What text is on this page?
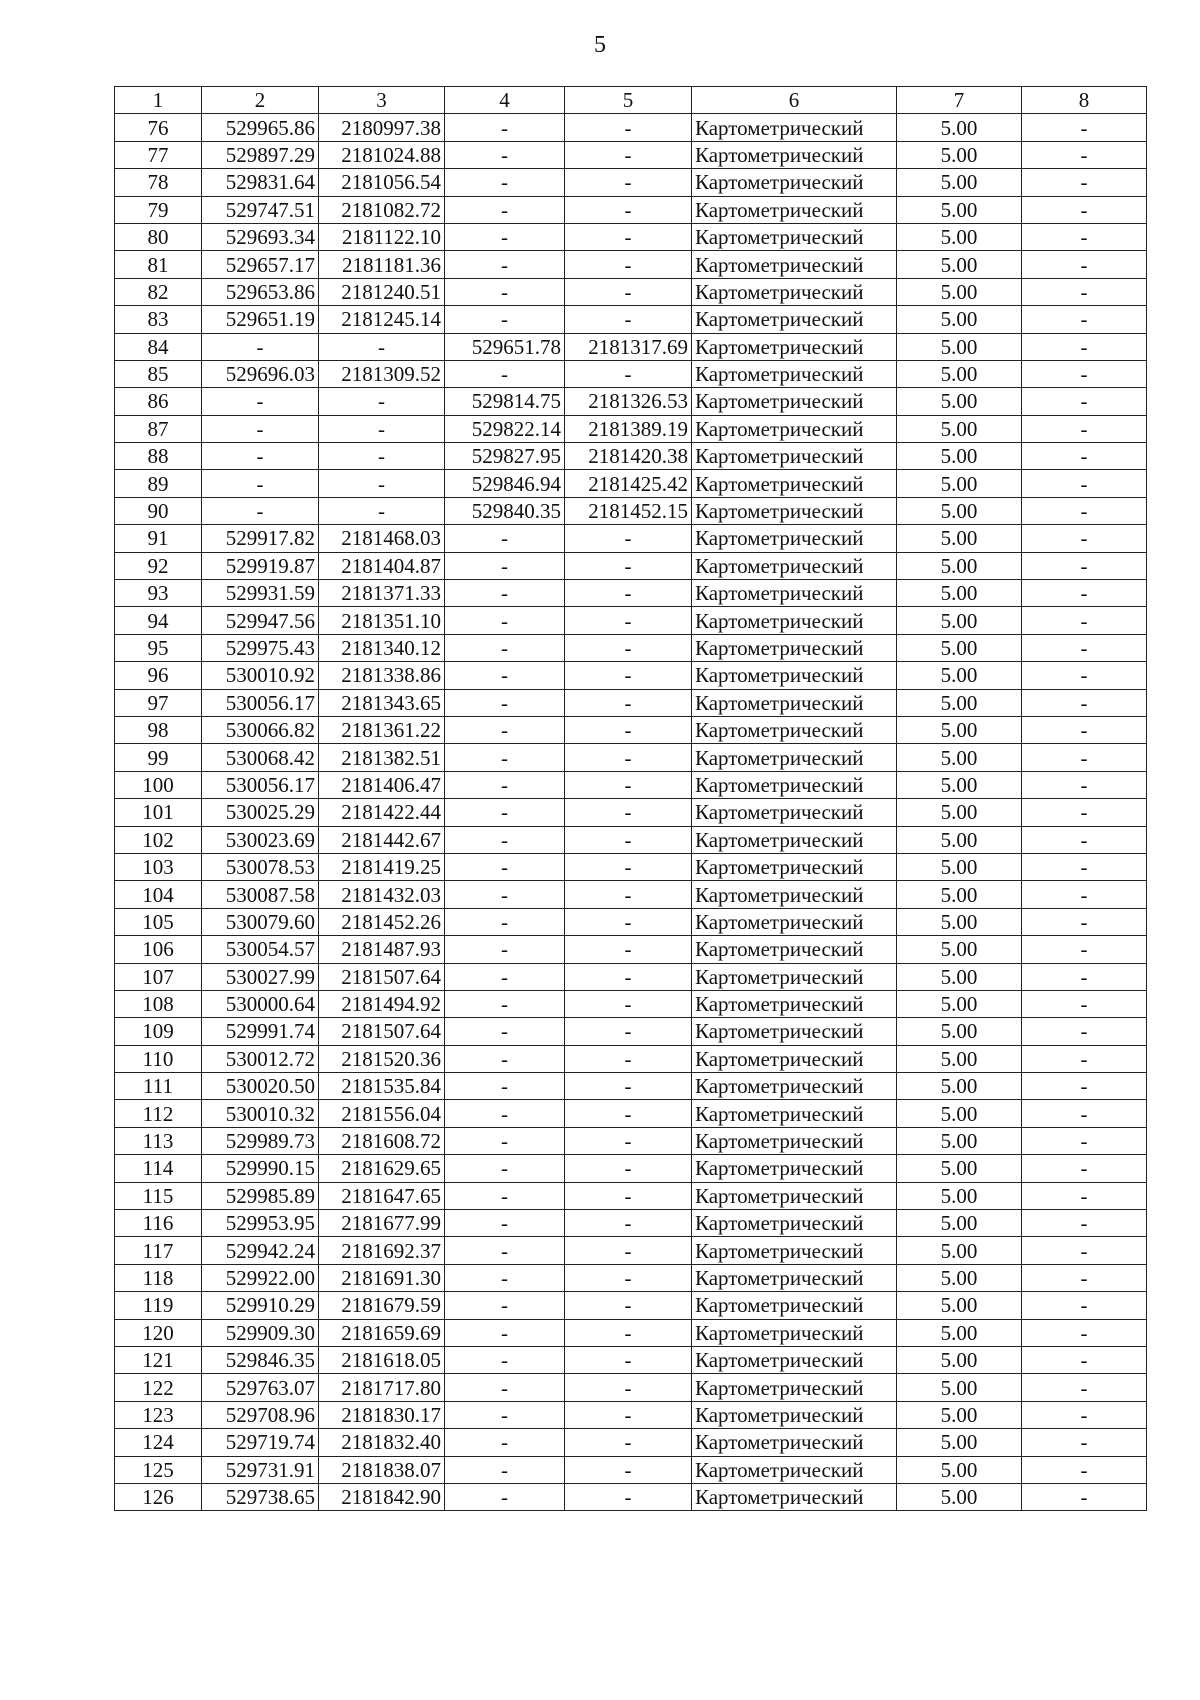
5
1	2	3	4	5	6	7	8
76	529965.86	2180997.38	-	-	Картометрический	5.00	-
77	529897.29	2181024.88	-	-	Картометрический	5.00	-
78	529831.64	2181056.54	-	-	Картометрический	5.00	-
79	529747.51	2181082.72	-	-	Картометрический	5.00	-
80	529693.34	2181122.10	-	-	Картометрический	5.00	-
81	529657.17	2181181.36	-	-	Картометрический	5.00	-
82	529653.86	2181240.51	-	-	Картометрический	5.00	-
83	529651.19	2181245.14	-	-	Картометрический	5.00	-
84	-	-	529651.78	2181317.69	Картометрический	5.00	-
85	529696.03	2181309.52	-	-	Картометрический	5.00	-
86	-	-	529814.75	2181326.53	Картометрический	5.00	-
87	-	-	529822.14	2181389.19	Картометрический	5.00	-
88	-	-	529827.95	2181420.38	Картометрический	5.00	-
89	-	-	529846.94	2181425.42	Картометрический	5.00	-
90	-	-	529840.35	2181452.15	Картометрический	5.00	-
91	529917.82	2181468.03	-	-	Картометрический	5.00	-
92	529919.87	2181404.87	-	-	Картометрический	5.00	-
93	529931.59	2181371.33	-	-	Картометрический	5.00	-
94	529947.56	2181351.10	-	-	Картометрический	5.00	-
95	529975.43	2181340.12	-	-	Картометрический	5.00	-
96	530010.92	2181338.86	-	-	Картометрический	5.00	-
97	530056.17	2181343.65	-	-	Картометрический	5.00	-
98	530066.82	2181361.22	-	-	Картометрический	5.00	-
99	530068.42	2181382.51	-	-	Картометрический	5.00	-
100	530056.17	2181406.47	-	-	Картометрический	5.00	-
101	530025.29	2181422.44	-	-	Картометрический	5.00	-
102	530023.69	2181442.67	-	-	Картометрический	5.00	-
103	530078.53	2181419.25	-	-	Картометрический	5.00	-
104	530087.58	2181432.03	-	-	Картометрический	5.00	-
105	530079.60	2181452.26	-	-	Картометрический	5.00	-
106	530054.57	2181487.93	-	-	Картометрический	5.00	-
107	530027.99	2181507.64	-	-	Картометрический	5.00	-
108	530000.64	2181494.92	-	-	Картометрический	5.00	-
109	529991.74	2181507.64	-	-	Картометрический	5.00	-
110	530012.72	2181520.36	-	-	Картометрический	5.00	-
111	530020.50	2181535.84	-	-	Картометрический	5.00	-
112	530010.32	2181556.04	-	-	Картометрический	5.00	-
113	529989.73	2181608.72	-	-	Картометрический	5.00	-
114	529990.15	2181629.65	-	-	Картометрический	5.00	-
115	529985.89	2181647.65	-	-	Картометрический	5.00	-
116	529953.95	2181677.99	-	-	Картометрический	5.00	-
117	529942.24	2181692.37	-	-	Картометрический	5.00	-
118	529922.00	2181691.30	-	-	Картометрический	5.00	-
119	529910.29	2181679.59	-	-	Картометрический	5.00	-
120	529909.30	2181659.69	-	-	Картометрический	5.00	-
121	529846.35	2181618.05	-	-	Картометрический	5.00	-
122	529763.07	2181717.80	-	-	Картометрический	5.00	-
123	529708.96	2181830.17	-	-	Картометрический	5.00	-
124	529719.74	2181832.40	-	-	Картометрический	5.00	-
125	529731.91	2181838.07	-	-	Картометрический	5.00	-
126	529738.65	2181842.90	-	-	Картометрический	5.00	-
